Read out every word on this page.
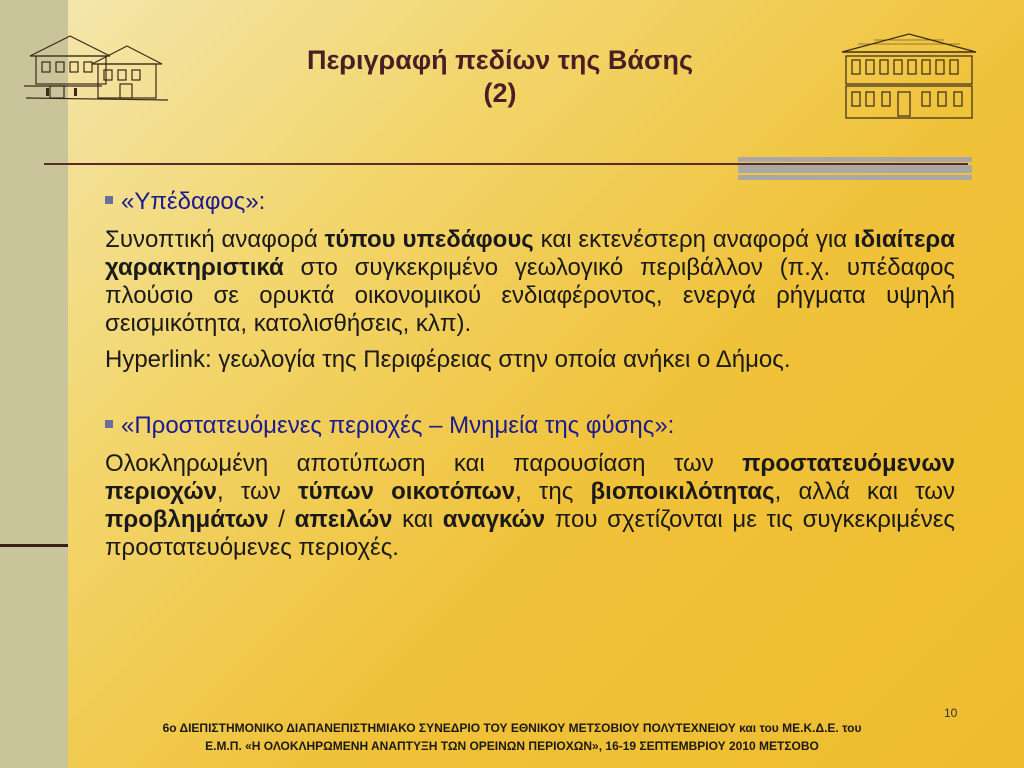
Περιγραφή πεδίων της Βάσης
(2)
«Υπέδαφος»:

Συνοπτική αναφορά τύπου υπεδάφους και εκτενέστερη αναφορά για ιδιαίτερα χαρακτηριστικά στο συγκεκριμένο γεωλογικό περιβάλλον (π.χ. υπέδαφος πλούσιο σε ορυκτά οικονομικού ενδιαφέροντος, ενεργά ρήγματα υψηλή σεισμικότητα, κατολισθήσεις, κλπ).

Hyperlink: γεωλογία της Περιφέρειας στην οποία ανήκει ο Δήμος.

«Προστατευόμενες περιοχές – Μνημεία της φύσης»:

Ολοκληρωμένη αποτύπωση και παρουσίαση των προστατευόμενων περιοχών, των τύπων οικοτόπων, της βιοποικιλότητας, αλλά και των προβλημάτων / απειλών και αναγκών που σχετίζονται με τις συγκεκριμένες προστατευόμενες περιοχές.

10
6ο ΔΙΕΠΙΣΤΗΜΟΝΙΚΟ ΔΙΑΠΑΝΕΠΙΣΤΗΜΙΑΚΟ ΣΥΝΕΔΡΙΟ ΤΟΥ ΕΘΝΙΚΟΥ ΜΕΤΣΟΒΙΟΥ ΠΟΛΥΤΕΧΝΕΙΟΥ και του ΜΕ.Κ.Δ.Ε. του
Ε.Μ.Π. «Η ΟΛΟΚΛΗΡΩΜΕΝΗ ΑΝΑΠΤΥΞΗ ΤΩΝ ΟΡΕΙΝΩΝ ΠΕΡΙΟΧΩΝ», 16-19 ΣΕΠΤΕΜΒΡΙΟΥ 2010 ΜΕΤΣΟΒΟ
